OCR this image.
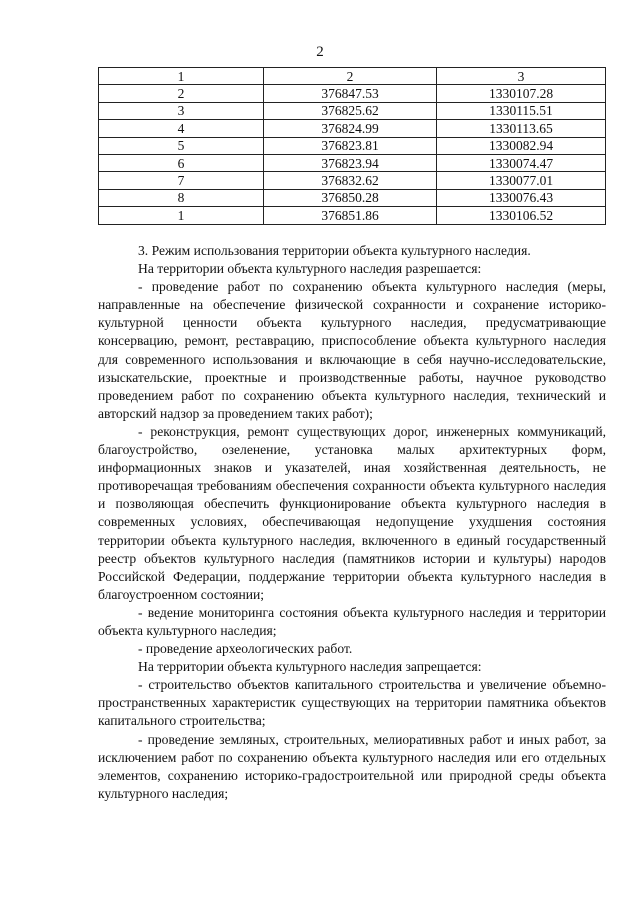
2
1	2	3
2	376847.53	1330107.28
3	376825.62	1330115.51
4	376824.99	1330113.65
5	376823.81	1330082.94
6	376823.94	1330074.47
7	376832.62	1330077.01
8	376850.28	1330076.43
1	376851.86	1330106.52

3. Режим использования территории объекта культурного наследия.

На территории объекта культурного наследия разрешается:

- проведение работ по сохранению объекта культурного наследия (меры, направленные на обеспечение физической сохранности и сохранение историко-культурной ценности объекта культурного наследия, предусматривающие консервацию, ремонт, реставрацию, приспособление объекта культурного наследия для современного использования и включающие в себя научно-исследовательские, изыскательские, проектные и производственные работы, научное руководство проведением работ по сохранению объекта культурного наследия, технический и авторский надзор за проведением таких работ);

- реконструкция, ремонт существующих дорог, инженерных коммуникаций, благоустройство, озеленение, установка малых архитектурных форм, информационных знаков и указателей, иная хозяйственная деятельность, не противоречащая требованиям обеспечения сохранности объекта культурного наследия и позволяющая обеспечить функционирование объекта культурного наследия в современных условиях, обеспечивающая недопущение ухудшения состояния территории объекта культурного наследия, включенного в единый государственный реестр объектов культурного наследия (памятников истории и культуры) народов Российской Федерации, поддержание территории объекта культурного наследия в благоустроенном состоянии;

- ведение мониторинга состояния объекта культурного наследия и территории объекта культурного наследия;

- проведение археологических работ.

На территории объекта культурного наследия запрещается:

- строительство объектов капитального строительства и увеличение объемно-пространственных характеристик существующих на территории памятника объектов капитального строительства;

- проведение земляных, строительных, мелиоративных работ и иных работ, за исключением работ по сохранению объекта культурного наследия или его отдельных элементов, сохранению историко-градостроительной или природной среды объекта культурного наследия;
